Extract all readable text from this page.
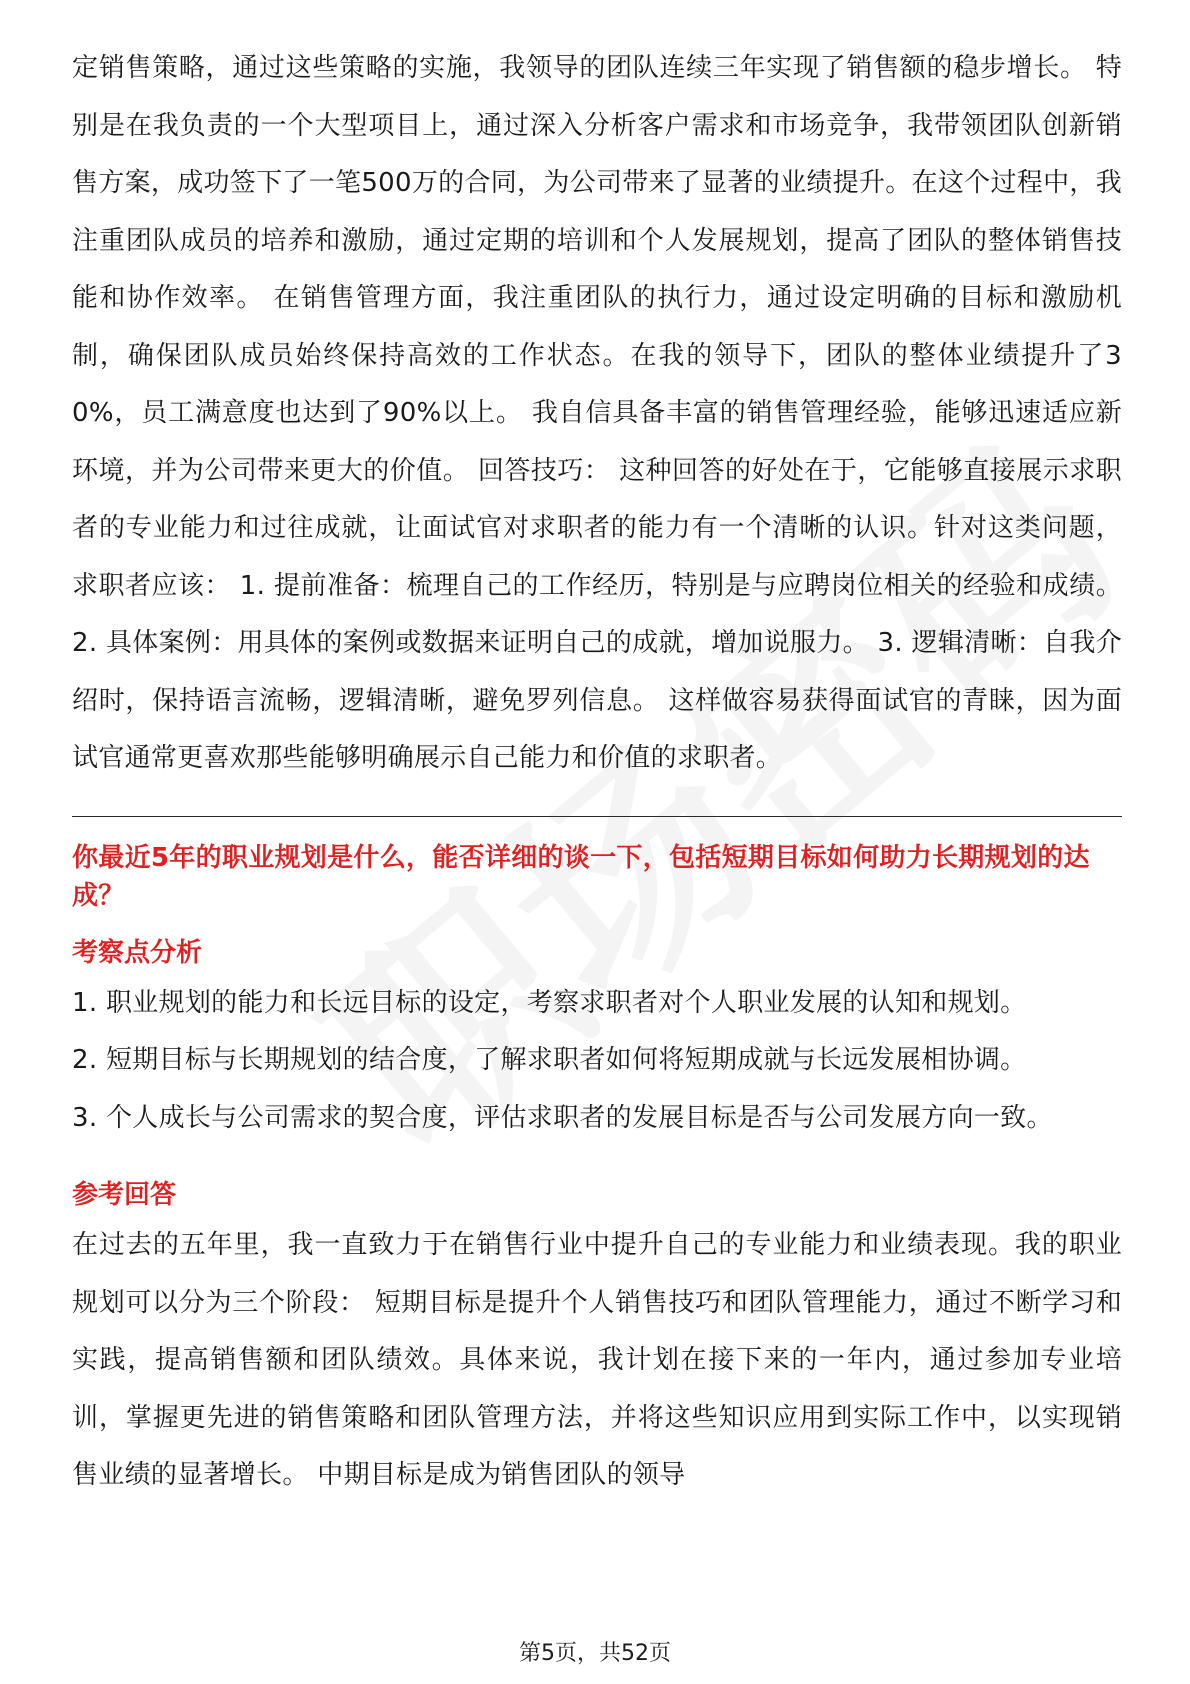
定销售策略，通过这些策略的实施，我领导的团队连续三年实现了销售额的稳步增长。 特别是在我负责的一个大型项目上，通过深入分析客户需求和市场竞争，我带领团队创新销售方案，成功签下了一笔500万的合同，为公司带来了显著的业绩提升。在这个过程中，我注重团队成员的培养和激励，通过定期的培训和个人发展规划，提高了团队的整体销售技能和协作效率。 在销售管理方面，我注重团队的执行力，通过设定明确的目标和激励机制，确保团队成员始终保持高效的工作状态。在我的领导下，团队的整体业绩提升了30%，员工满意度也达到了90%以上。 我自信具备丰富的销售管理经验，能够迅速适应新环境，并为公司带来更大的价值。 回答技巧： 这种回答的好处在于，它能够直接展示求职者的专业能力和过往成就，让面试官对求职者的能力有一个清晰的认识。针对这类问题，求职者应该： 1. 提前准备：梳理自己的工作经历，特别是与应聘岗位相关的经验和成绩。 2. 具体案例：用具体的案例或数据来证明自己的成就，增加说服力。 3. 逻辑清晰：自我介绍时，保持语言流畅，逻辑清晰，避免罗列信息。 这样做容易获得面试官的青睐，因为面试官通常更喜欢那些能够明确展示自己能力和价值的求职者。

你最近5年的职业规划是什么，能否详细的谈一下，包括短期目标如何助力长期规划的达成？

考察点分析
1. 职业规划的能力和长远目标的设定，考察求职者对个人职业发展的认知和规划。
2. 短期目标与长期规划的结合度，了解求职者如何将短期成就与长远发展相协调。
3. 个人成长与公司需求的契合度，评估求职者的发展目标是否与公司发展方向一致。
参考回答

在过去的五年里，我一直致力于在销售行业中提升自己的专业能力和业绩表现。我的职业规划可以分为三个阶段： 短期目标是提升个人销售技巧和团队管理能力，通过不断学习和实践，提高销售额和团队绩效。具体来说，我计划在接下来的一年内，通过参加专业培训，掌握更先进的销售策略和团队管理方法，并将这些知识应用到实际工作中，以实现销售业绩的显著增长。 中期目标是成为销售团队的领导

第5页，共52页
